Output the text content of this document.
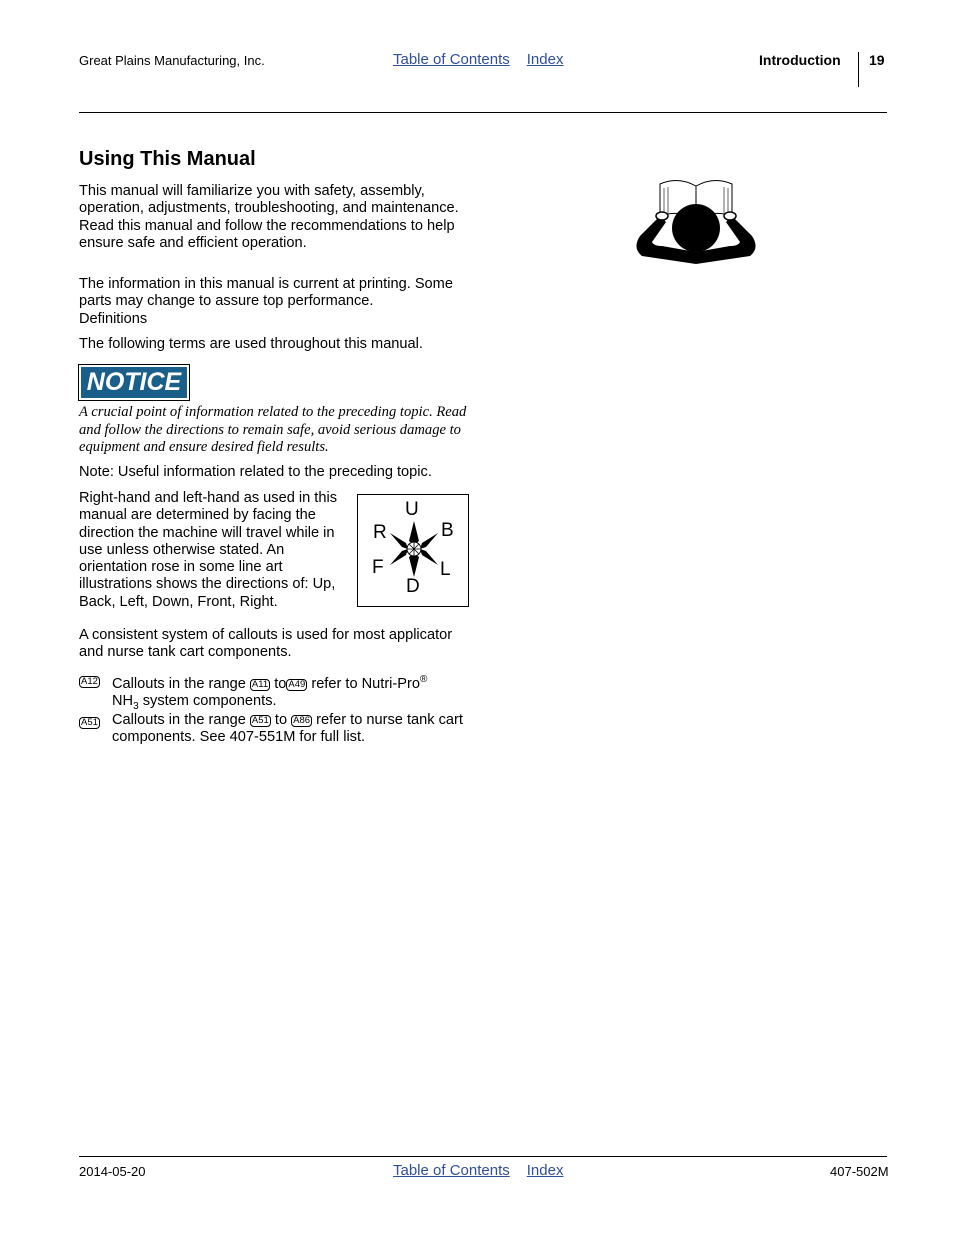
Great Plains Manufacturing, Inc.	Table of Contents Index	Introduction 19
Using This Manual

This manual will familiarize you with safety, assembly, operation, adjustments, troubleshooting, and maintenance. Read this manual and follow the recommendations to help ensure safe and efficient operation.

The information in this manual is current at printing. Some parts may change to assure top performance.

Definitions

The following terms are used throughout this manual.

NOTICE

A crucial point of information related to the preceding topic. Read and follow the directions to remain safe, avoid serious damage to equipment and ensure desired field results.

Note: Useful information related to the preceding topic.

Right-hand and left-hand as used in this manual are determined by facing the direction the machine will travel while in use unless otherwise stated. An orientation rose in some line art illustrations shows the directions of: Up, Back, Left, Down, Front, Right.

U
B
R
F	L
D

A consistent system of callouts is used for most applicator and nurse tank cart components.

A12 Callouts in the range A11 to A49 refer to Nutri-Pro®
$NH_3$ system components.
A51 Callouts in the range A51 to A86 refer to nurse tank cart components. See 407-551M for full list.
2014-05-20	Table of Contents Index	407-502M
